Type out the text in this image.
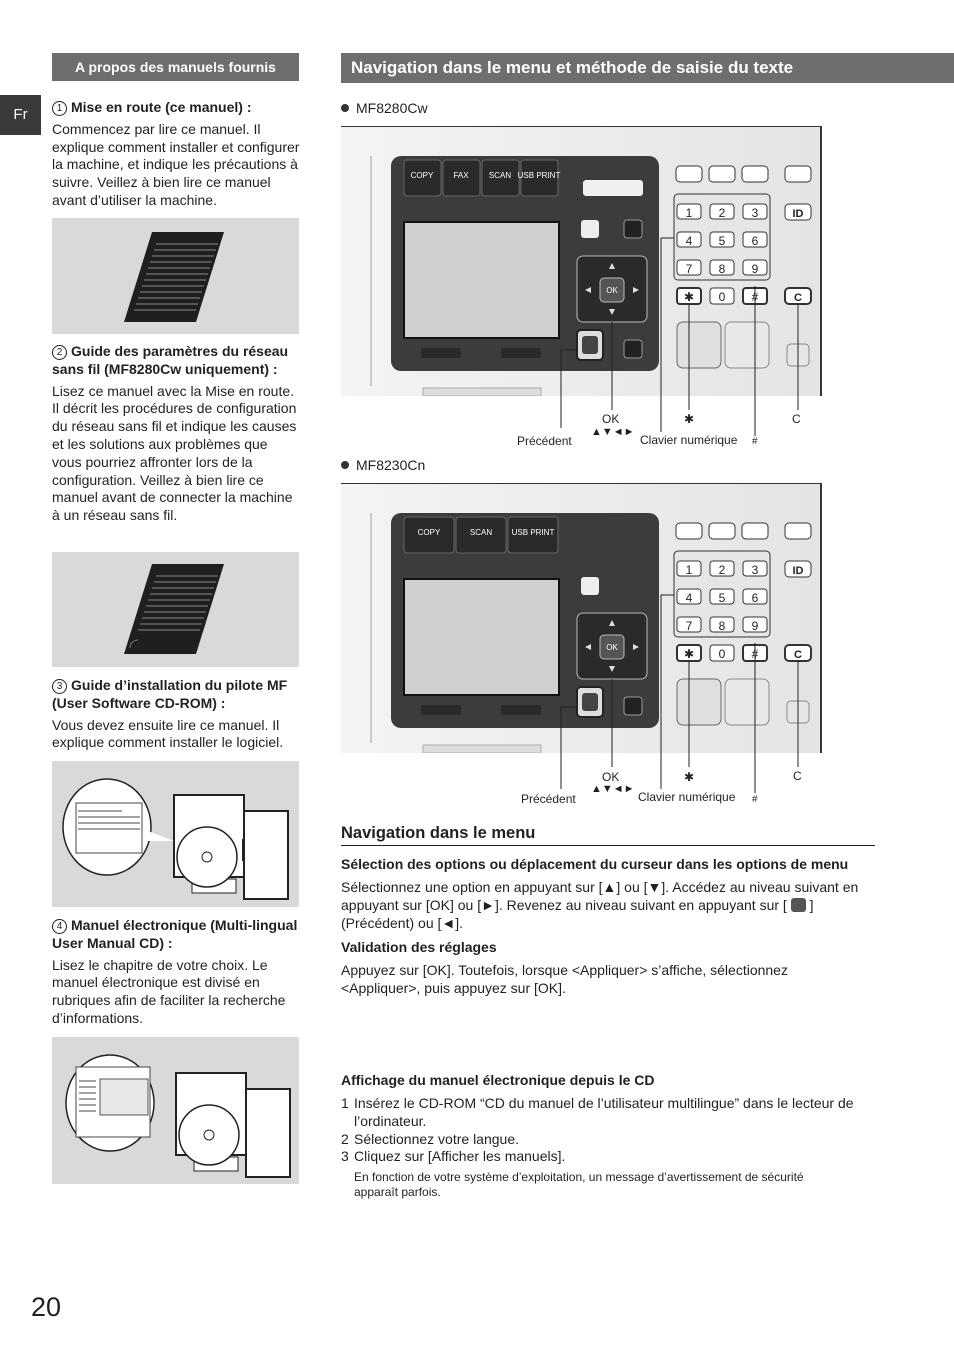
Fr
A propos des manuels fournis
1 Mise en route (ce manuel) :
Commencez par lire ce manuel. Il explique comment installer et configurer la machine, et indique les précautions à suivre. Veillez à bien lire ce manuel avant d’utiliser la machine.
2 Guide des paramètres du réseau sans fil (MF8280Cw uniquement) :
Lisez ce manuel avec la Mise en route. Il décrit les procédures de configuration du réseau sans fil et indique les causes et les solutions aux problèmes que vous pourriez affronter lors de la configuration. Veillez à bien lire ce manuel avant de connecter la machine à un réseau sans fil.
3 Guide d’installation du pilote MF (User Software CD-ROM) :
Vous devez ensuite lire ce manuel. Il explique comment installer le logiciel.
4 Manuel électronique (Multi-lingual User Manual CD) :
Lisez le chapitre de votre choix. Le manuel électronique est divisé en rubriques afin de faciliter la recherche d’informations.
Navigation dans le menu et méthode de saisie du texte
MF8280Cw
COPY	FAX	SCAN USB PRINT
OK
1 2 3
4 5 6
7 8 9
✱ 0 #
ID
C
OK
▲▼◄►
✱	C
Précédent	Clavier numérique #
MF8230Cn
COPY	SCAN USB PRINT
OK
1 2 3
4 5 6
7 8 9
✱ 0 #
ID
C
OK
▲▼◄►
✱	C
Précédent	Clavier numérique #
Navigation dans le menu
Sélection des options ou déplacement du curseur dans les options de menu
Sélectionnez une option en appuyant sur [▲] ou [▼]. Accédez au niveau suivant en appuyant sur [OK] ou [►]. Revenez au niveau suivant en appuyant sur [ ] (Précédent) ou [◄].
Validation des réglages
Appuyez sur [OK]. Toutefois, lorsque <Appliquer> s’affiche, sélectionnez <Appliquer>, puis appuyez sur [OK].
Affichage du manuel électronique depuis le CD
1 Insérez le CD-ROM “CD du manuel de l’utilisateur multilingue” dans le lecteur de l’ordinateur.
2 Sélectionnez votre langue.
3 Cliquez sur [Afficher les manuels].
En fonction de votre système d’exploitation, un message d’avertissement de sécurité apparaît parfois.
20
